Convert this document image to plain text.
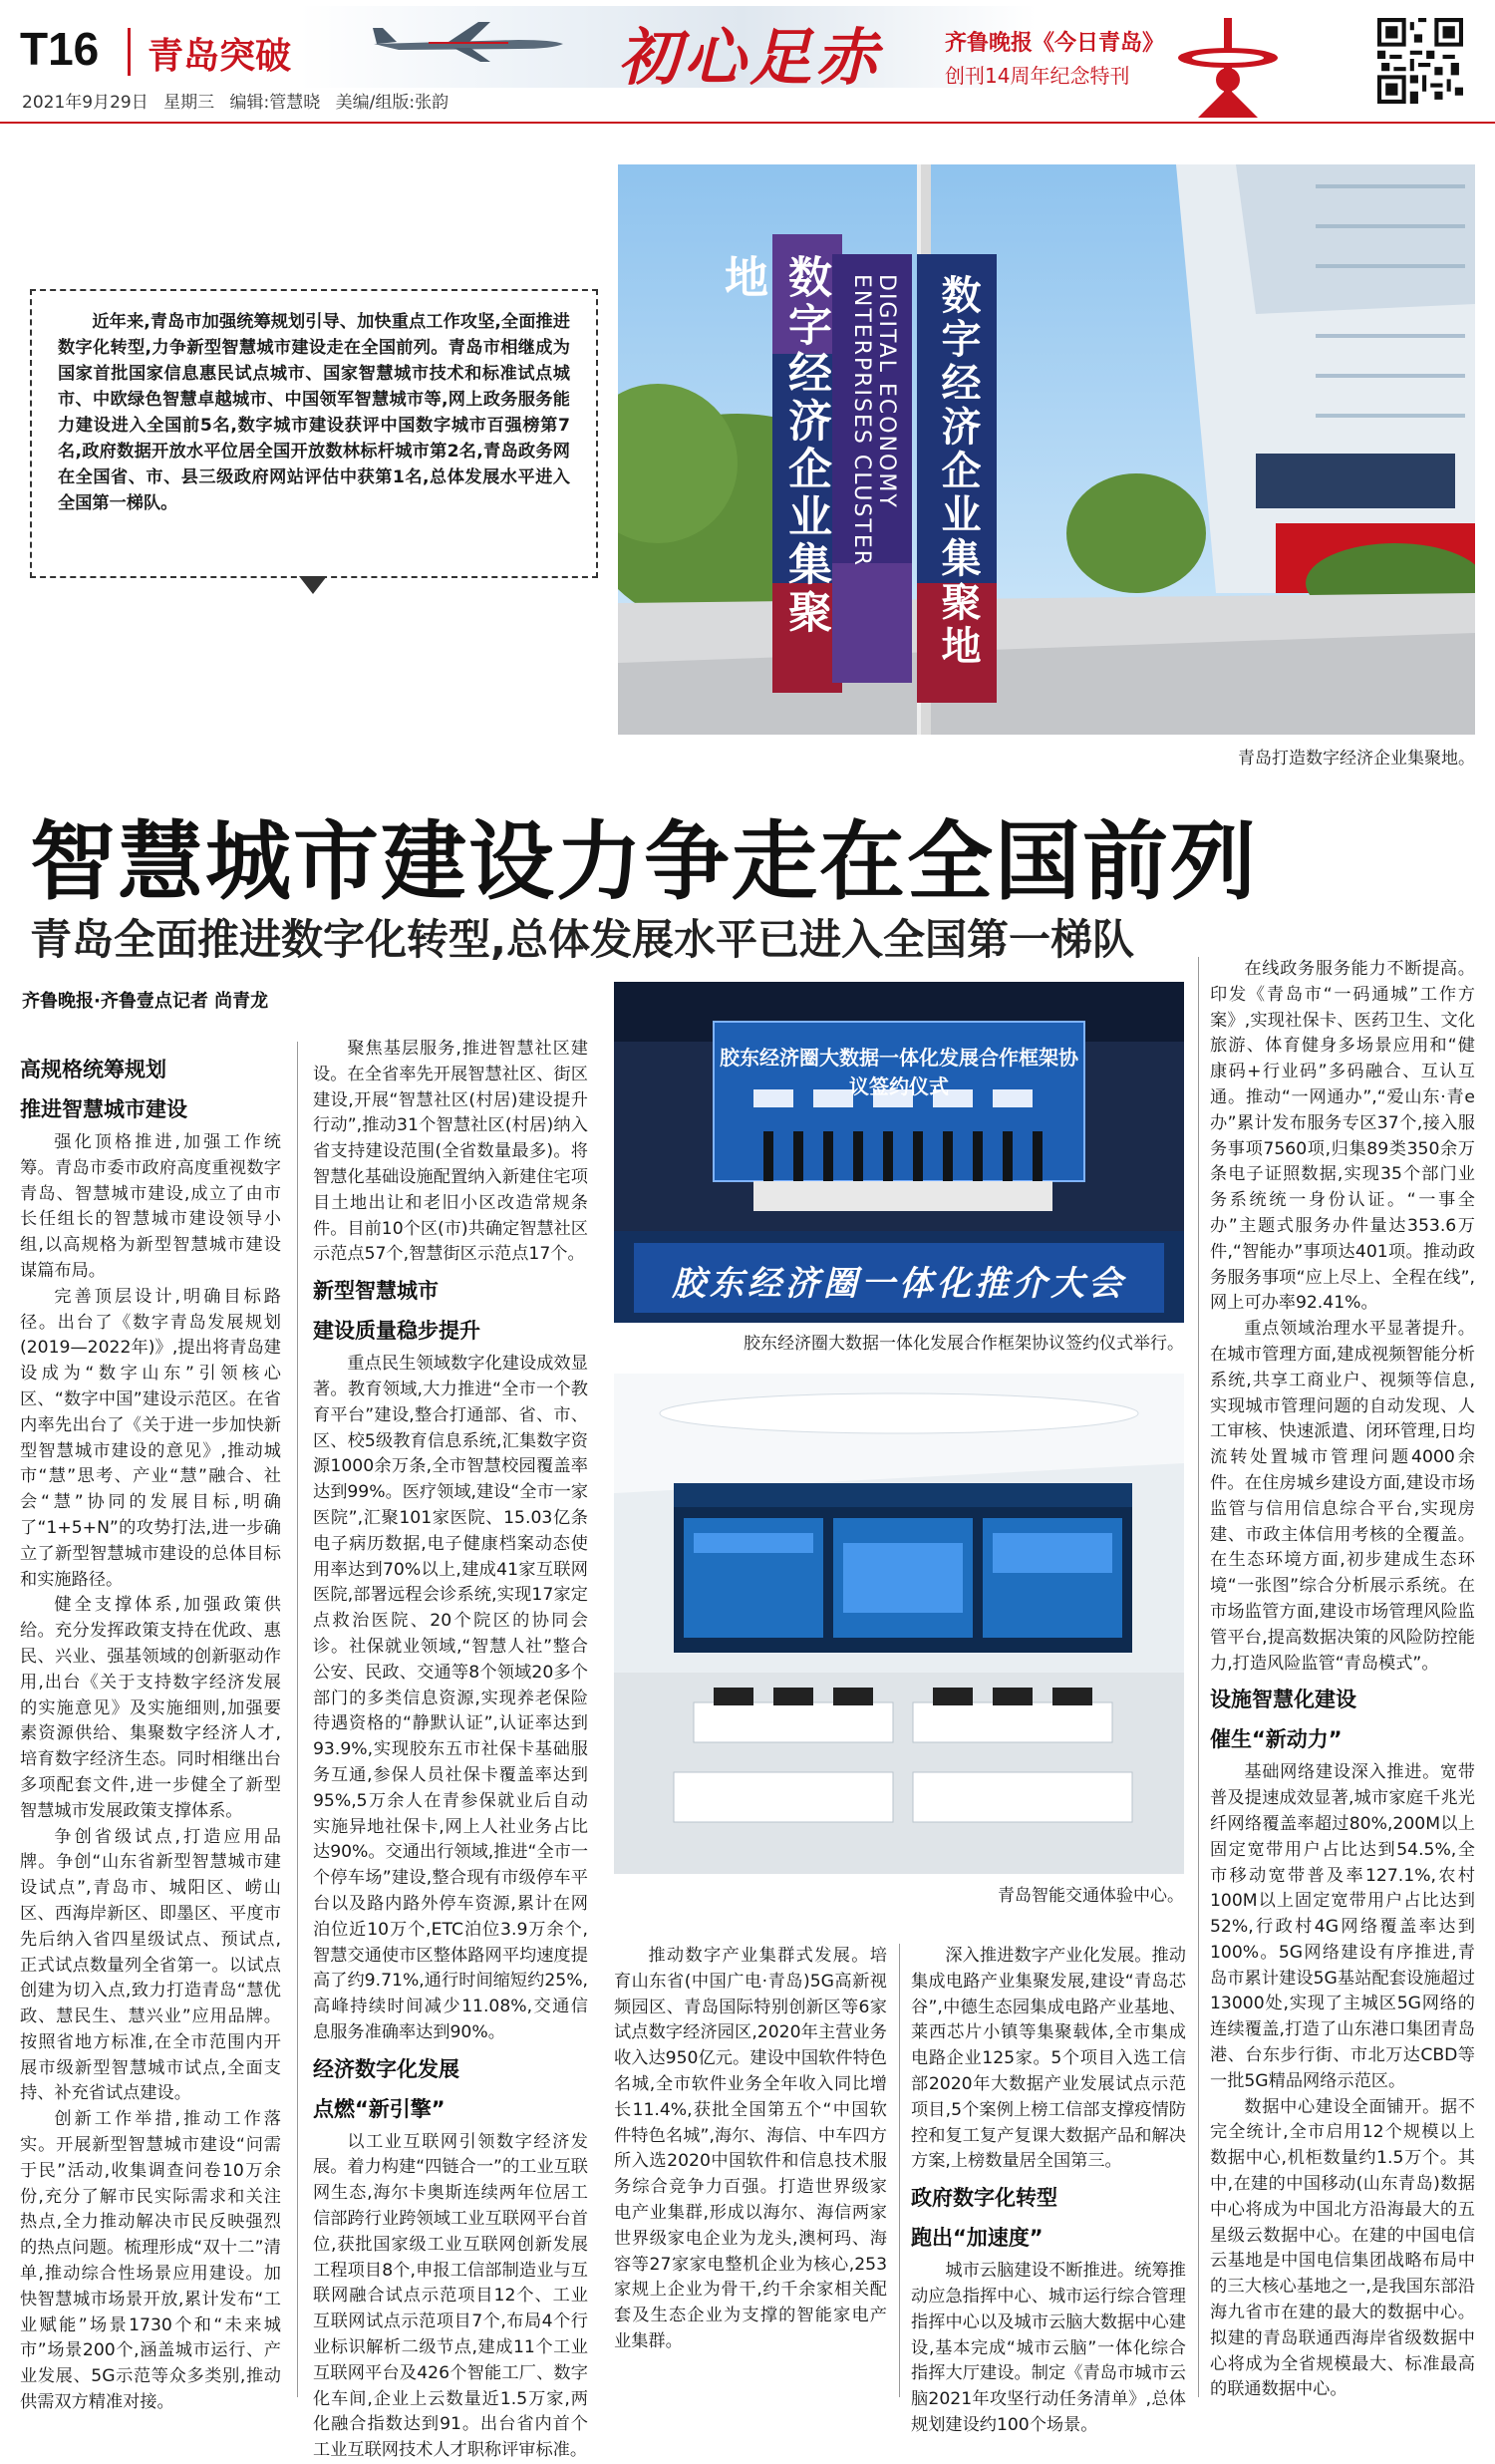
T16 青岛突破	初心足赤	齐鲁晚报《今日青岛》
创刊14周年纪念特刊
2021年9月29日 星期三 编辑:管慧晓 美编/组版:张韵
近年来,青岛市加强统筹规划引导、加快重点工作攻坚,全面推进数字化转型,力争新型智慧城市建设走在全国前列。青岛市相继成为国家首批国家信息惠民试点城市、国家智慧城市技术和标准试点城市、中欧绿色智慧卓越城市、中国领军智慧城市等,网上政务服务能力建设进入全国前5名,数字城市建设获评中国数字城市百强榜第7名,政府数据开放水平位居全国开放数林标杆城市第2名,青岛政务网在全国省、市、县三级政府网站评估中获第1名,总体发展水平进入全国第一梯队。	数字经济企业集聚地	DIGITAL ECONOMY ENTERPRISES CLUSTER	数字经济企业集聚地
青岛打造数字经济企业集聚地。
智慧城市建设力争走在全国前列
青岛全面推进数字化转型,总体发展水平已进入全国第一梯队
齐鲁晚报·齐鲁壹点记者 尚青龙
高规格统筹规划
推进智慧城市建设

强化顶格推进,加强工作统筹。青岛市委市政府高度重视数字青岛、智慧城市建设,成立了由市长任组长的智慧城市建设领导小组,以高规格为新型智慧城市建设谋篇布局。

完善顶层设计,明确目标路径。出台了《数字青岛发展规划(2019—2022年)》,提出将青岛建设成为“数字山东”引领核心区、“数字中国”建设示范区。在省内率先出台了《关于进一步加快新型智慧城市建设的意见》,推动城市“慧”思考、产业“慧”融合、社会“慧”协同的发展目标,明确了“1+5+N”的攻势打法,进一步确立了新型智慧城市建设的总体目标和实施路径。

健全支撑体系,加强政策供给。充分发挥政策支持在优政、惠民、兴业、强基领域的创新驱动作用,出台《关于支持数字经济发展的实施意见》及实施细则,加强要素资源供给、集聚数字经济人才,培育数字经济生态。同时相继出台多项配套文件,进一步健全了新型智慧城市发展政策支撑体系。

争创省级试点,打造应用品牌。争创“山东省新型智慧城市建设试点”,青岛市、城阳区、崂山区、西海岸新区、即墨区、平度市先后纳入省四星级试点、预试点,正式试点数量列全省第一。以试点创建为切入点,致力打造青岛“慧优政、慧民生、慧兴业”应用品牌。按照省地方标准,在全市范围内开展市级新型智慧城市试点,全面支持、补充省试点建设。

创新工作举措,推动工作落实。开展新型智慧城市建设“问需于民”活动,收集调查问卷10万余份,充分了解市民实际需求和关注热点,全力推动解决市民反映强烈的热点问题。梳理形成“双十二”清单,推动综合性场景应用建设。加快智慧城市场景开放,累计发布“工业赋能”场景1730个和“未来城市”场景200个,涵盖城市运行、产业发展、5G示范等众多类别,推动供需双方精准对接。

聚焦基层服务,推进智慧社区建设。在全省率先开展智慧社区、街区建设,开展“智慧社区(村居)建设提升行动”,推动31个智慧社区(村居)纳入省支持建设范围(全省数量最多)。将智慧化基础设施配置纳入新建住宅项目土地出让和老旧小区改造常规条件。目前10个区(市)共确定智慧社区示范点57个,智慧街区示范点17个。

新型智慧城市
建设质量稳步提升

重点民生领域数字化建设成效显著。教育领域,大力推进“全市一个教育平台”建设,整合打通部、省、市、区、校5级教育信息系统,汇集数字资源1000余万条,全市智慧校园覆盖率达到99%。医疗领域,建设“全市一家医院”,汇聚101家医院、15.03亿条电子病历数据,电子健康档案动态使用率达到70%以上,建成41家互联网医院,部署远程会诊系统,实现17家定点救治医院、20个院区的协同会诊。社保就业领域,“智慧人社”整合公安、民政、交通等8个领域20多个部门的多类信息资源,实现养老保险待遇资格的“静默认证”,认证率达到93.9%,实现胶东五市社保卡基础服务互通,参保人员社保卡覆盖率达到95%,5万余人在青参保就业后自动实施异地社保卡,网上人社业务占比达90%。交通出行领域,推进“全市一个停车场”建设,整合现有市级停车平台以及路内路外停车资源,累计在网泊位近10万个,ETC泊位3.9万余个,智慧交通使市区整体路网平均速度提高了约9.71%,通行时间缩短约25%,高峰持续时间减少11.08%,交通信息服务准确率达到90%。

经济数字化发展
点燃“新引擎”

以工业互联网引领数字经济发展。着力构建“四链合一”的工业互联网生态,海尔卡奥斯连续两年位居工信部跨行业跨领域工业互联网平台首位,获批国家级工业互联网创新发展工程项目8个,申报工信部制造业与互联网融合试点示范项目12个、工业互联网试点示范项目7个,布局4个行业标识解析二级节点,建成11个工业互联网平台及426个智能工厂、数字化车间,企业上云数量近1.5万家,两化融合指数达到91。出台省内首个工业互联网技术人才职称评审标准。

胶东经济圈大数据一体化发展合作框架协议签约仪式
胶东经济圈一体化推介大会
胶东经济圈大数据一体化发展合作框架协议签约仪式举行。
青岛智能交通体验中心。

推动数字产业集群式发展。培育山东省(中国广电·青岛)5G高新视频园区、青岛国际特别创新区等6家试点数字经济园区,2020年主营业务收入达950亿元。建设中国软件特色名城,全市软件业务全年收入同比增长11.4%,获批全国第五个“中国软件特色名城”,海尔、海信、中车四方所入选2020中国软件和信息技术服务综合竞争力百强。打造世界级家电产业集群,形成以海尔、海信两家世界级家电企业为龙头,澳柯玛、海容等27家家电整机企业为核心,253家规上企业为骨干,约千余家相关配套及生态企业为支撑的智能家电产业集群。

深入推进数字产业化发展。推动集成电路产业集聚发展,建设“青岛芯谷”,中德生态园集成电路产业基地、莱西芯片小镇等集聚载体,全市集成电路企业125家。5个项目入选工信部2020年大数据产业发展试点示范项目,5个案例上榜工信部支撑疫情防控和复工复产复课大数据产品和解决方案,上榜数量居全国第三。

政府数字化转型
跑出“加速度”

城市云脑建设不断推进。统筹推动应急指挥中心、城市运行综合管理指挥中心以及城市云脑大数据中心建设,基本完成“城市云脑”一体化综合指挥大厅建设。制定《青岛市城市云脑2021年攻坚行动任务清单》,总体规划建设约100个场景。

在线政务服务能力不断提高。印发《青岛市“一码通城”工作方案》,实现社保卡、医药卫生、文化旅游、体育健身多场景应用和“健康码+行业码”多码融合、互认互通。推动“一网通办”,“爱山东·青e办”累计发布服务专区37个,接入服务事项7560项,归集89类350余万条电子证照数据,实现35个部门业务系统统一身份认证。“一事全办”主题式服务办件量达353.6万件,“智能办”事项达401项。推动政务服务事项“应上尽上、全程在线”,网上可办率92.41%。

重点领域治理水平显著提升。在城市管理方面,建成视频智能分析系统,共享工商业户、视频等信息,实现城市管理问题的自动发现、人工审核、快速派遣、闭环管理,日均流转处置城市管理问题4000余件。在住房城乡建设方面,建设市场监管与信用信息综合平台,实现房建、市政主体信用考核的全覆盖。在生态环境方面,初步建成生态环境“一张图”综合分析展示系统。在市场监管方面,建设市场管理风险监管平台,提高数据决策的风险防控能力,打造风险监管“青岛模式”。

设施智慧化建设
催生“新动力”

基础网络建设深入推进。宽带普及提速成效显著,城市家庭千兆光纤网络覆盖率超过80%,200M以上固定宽带用户占比达到54.5%,全市移动宽带普及率127.1%,农村100M以上固定宽带用户占比达到52%,行政村4G网络覆盖率达到100%。5G网络建设有序推进,青岛市累计建设5G基站配套设施超过13000处,实现了主城区5G网络的连续覆盖,打造了山东港口集团青岛港、台东步行街、市北万达CBD等一批5G精品网络示范区。

数据中心建设全面铺开。据不完全统计,全市启用12个规模以上数据中心,机柜数量约1.5万个。其中,在建的中国移动(山东青岛)数据中心将成为中国北方沿海最大的五星级云数据中心。在建的中国电信云基地是中国电信集团战略布局中的三大核心基地之一,是我国东部沿海九省市在建的最大的数据中心。拟建的青岛联通西海岸省级数据中心将成为全省规模最大、标准最高的联通数据中心。
